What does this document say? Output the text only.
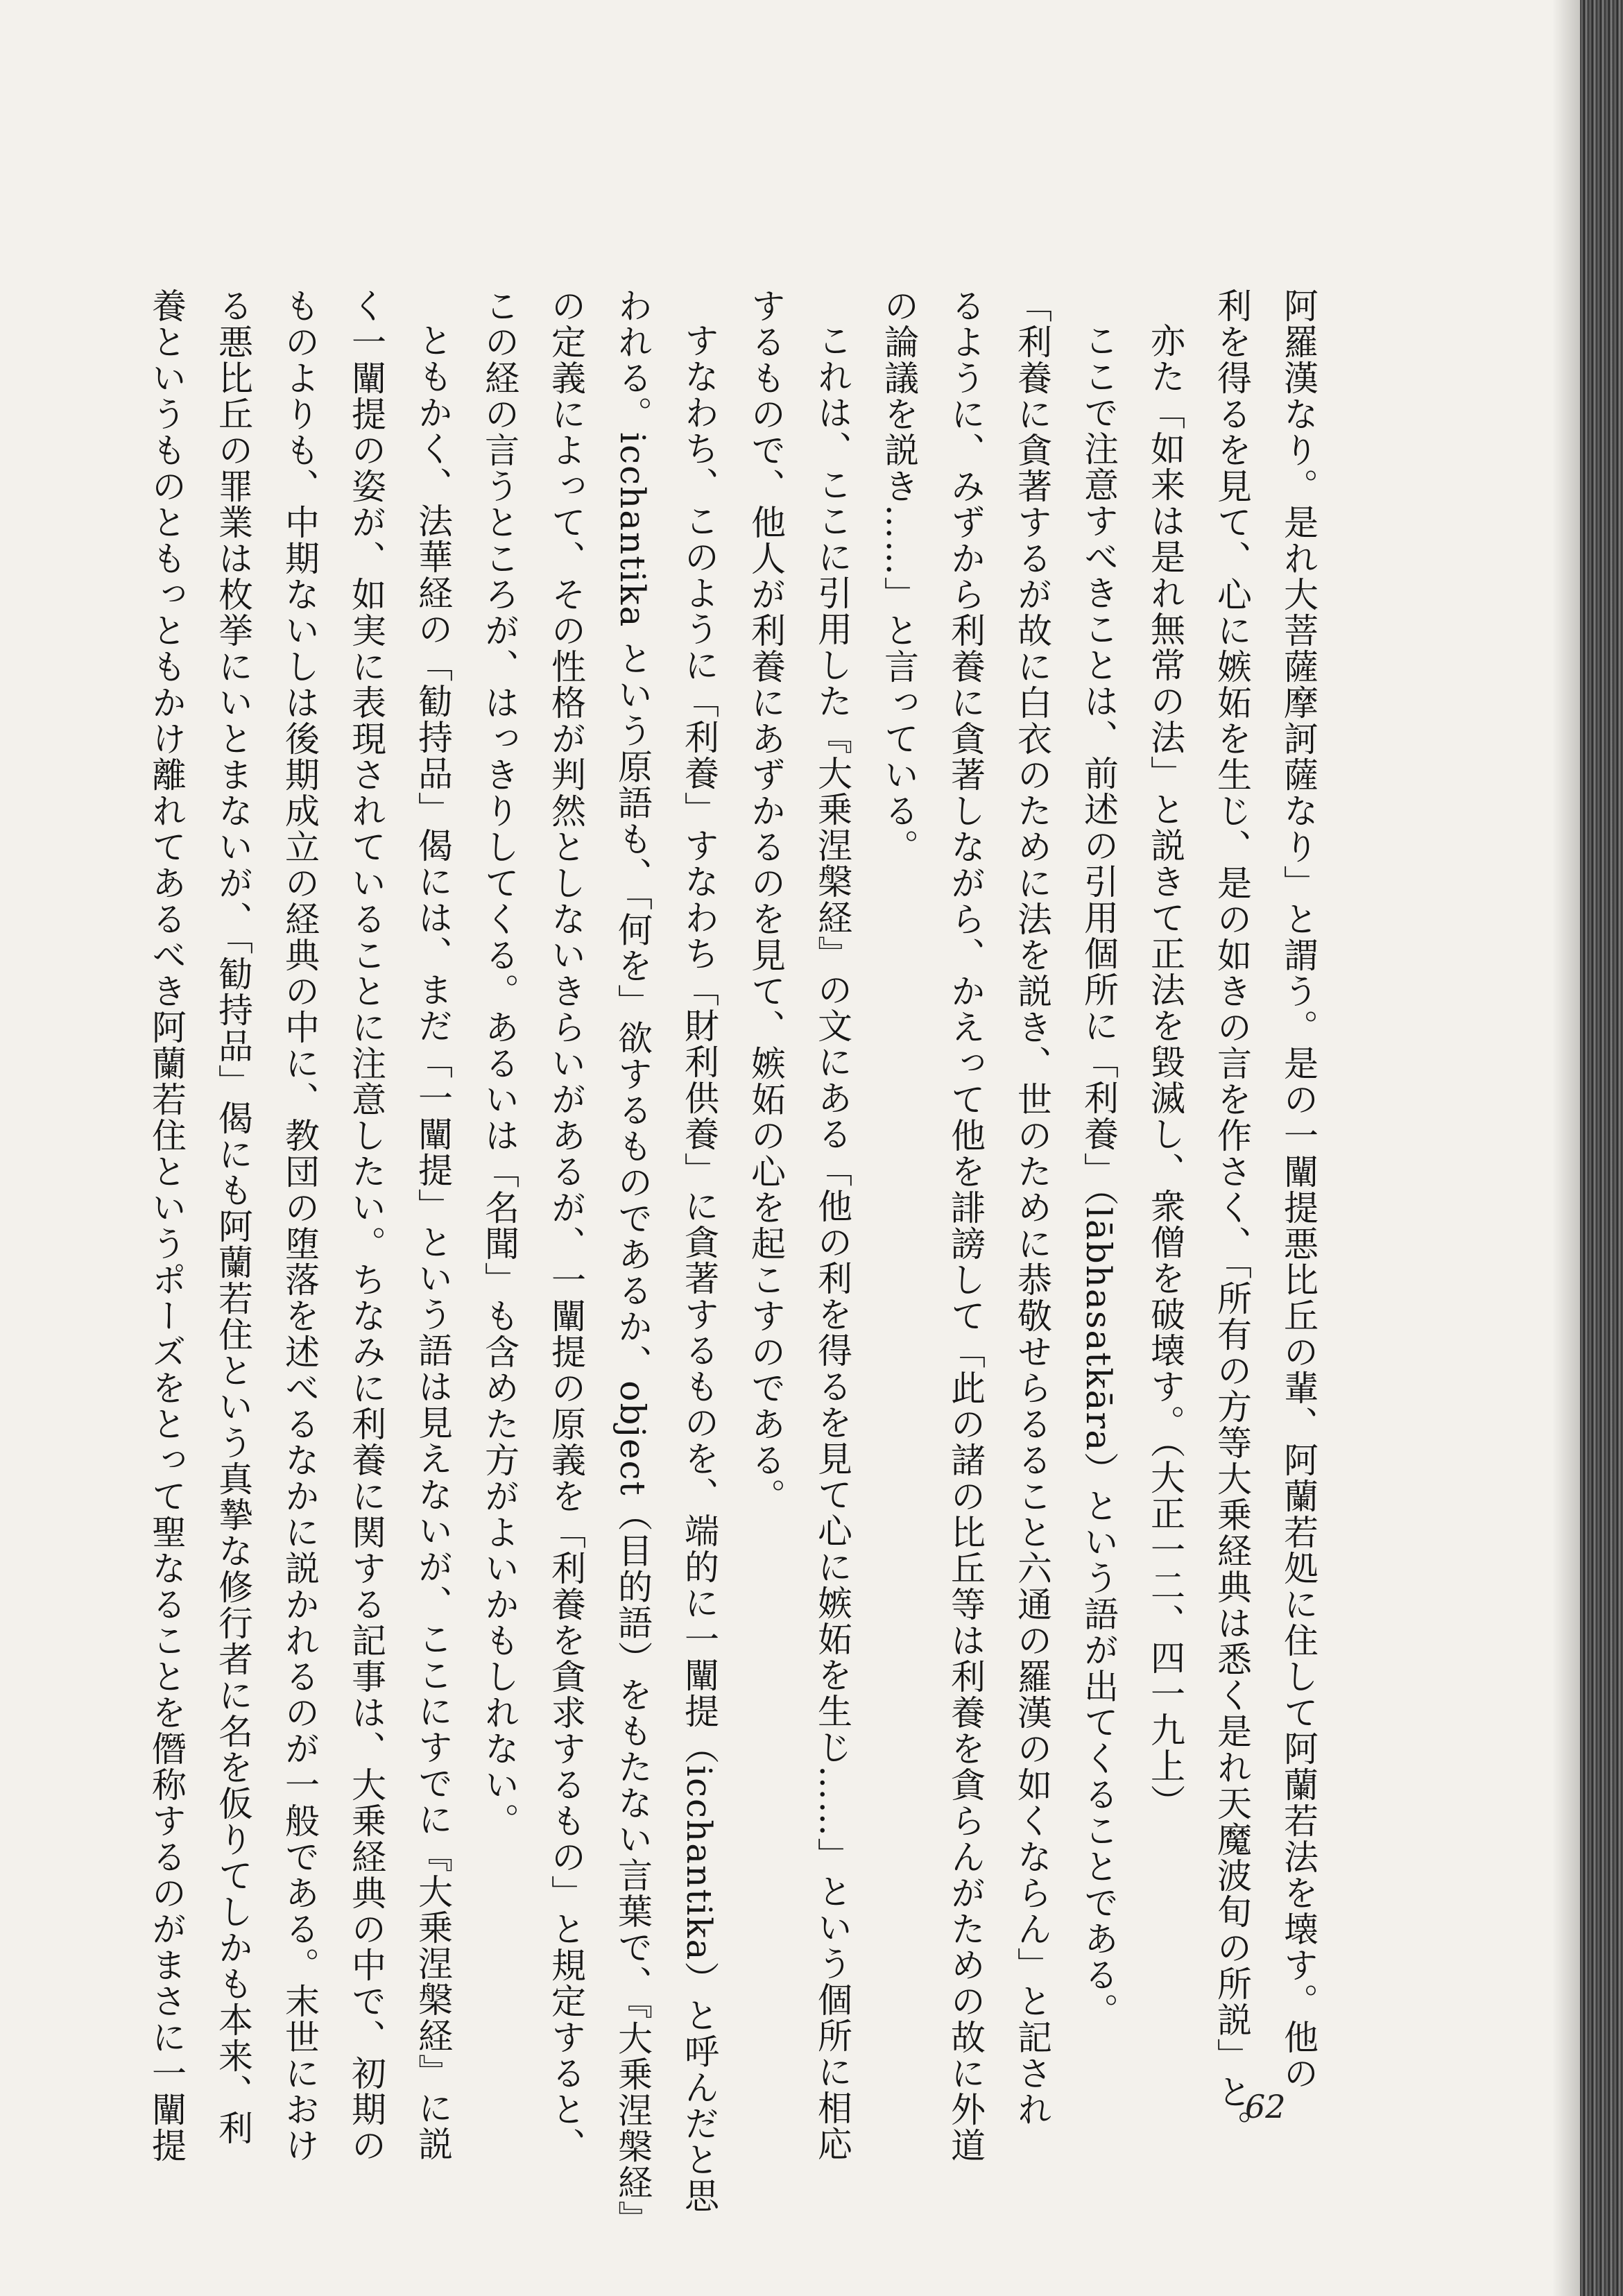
阿羅漢なり。是れ大菩薩摩訶薩なり」と謂う。是の一闡提悪比丘の輩、阿蘭若処に住して阿蘭若法を壊す。他の

利を得るを見て、心に嫉妬を生じ、是の如きの言を作さく、「所有の方等大乗経典は悉く是れ天魔波旬の所説」と。

亦た「如来は是れ無常の法」と説きて正法を毀滅し、衆僧を破壊す。（大正一二、四一九上）

ここで注意すべきことは、前述の引用個所に「利養」（lābhasatkāra）という語が出てくることである。

「利養に貪著するが故に白衣のために法を説き、世のために恭敬せらるること六通の羅漢の如くならん」と記され

るように、みずから利養に貪著しながら、かえって他を誹謗して「此の諸の比丘等は利養を貪らんがための故に外道

の論議を説き……」と言っている。

これは、ここに引用した『大乗涅槃経』の文にある「他の利を得るを見て心に嫉妬を生じ……」という個所に相応

するもので、他人が利養にあずかるのを見て、嫉妬の心を起こすのである。

すなわち、このように「利養」すなわち「財利供養」に貪著するものを、端的に一闡提（icchantika）と呼んだと思

われる。icchantika という原語も、「何を」欲するものであるか、object（目的語）をもたない言葉で、『大乗涅槃経』

の定義によって、その性格が判然としないきらいがあるが、一闡提の原義を「利養を貪求するもの」と規定すると、

この経の言うところが、はっきりしてくる。あるいは「名聞」も含めた方がよいかもしれない。

ともかく、法華経の「勧持品」偈には、まだ「一闡提」という語は見えないが、ここにすでに『大乗涅槃経』に説

く一闡提の姿が、如実に表現されていることに注意したい。ちなみに利養に関する記事は、大乗経典の中で、初期の

ものよりも、中期ないしは後期成立の経典の中に、教団の堕落を述べるなかに説かれるのが一般である。末世におけ

る悪比丘の罪業は枚挙にいとまないが、「勧持品」偈にも阿蘭若住という真摯な修行者に名を仮りてしかも本来、利

養というものともっともかけ離れてあるべき阿蘭若住というポーズをとって聖なることを僭称するのがまさに一闡提	62
